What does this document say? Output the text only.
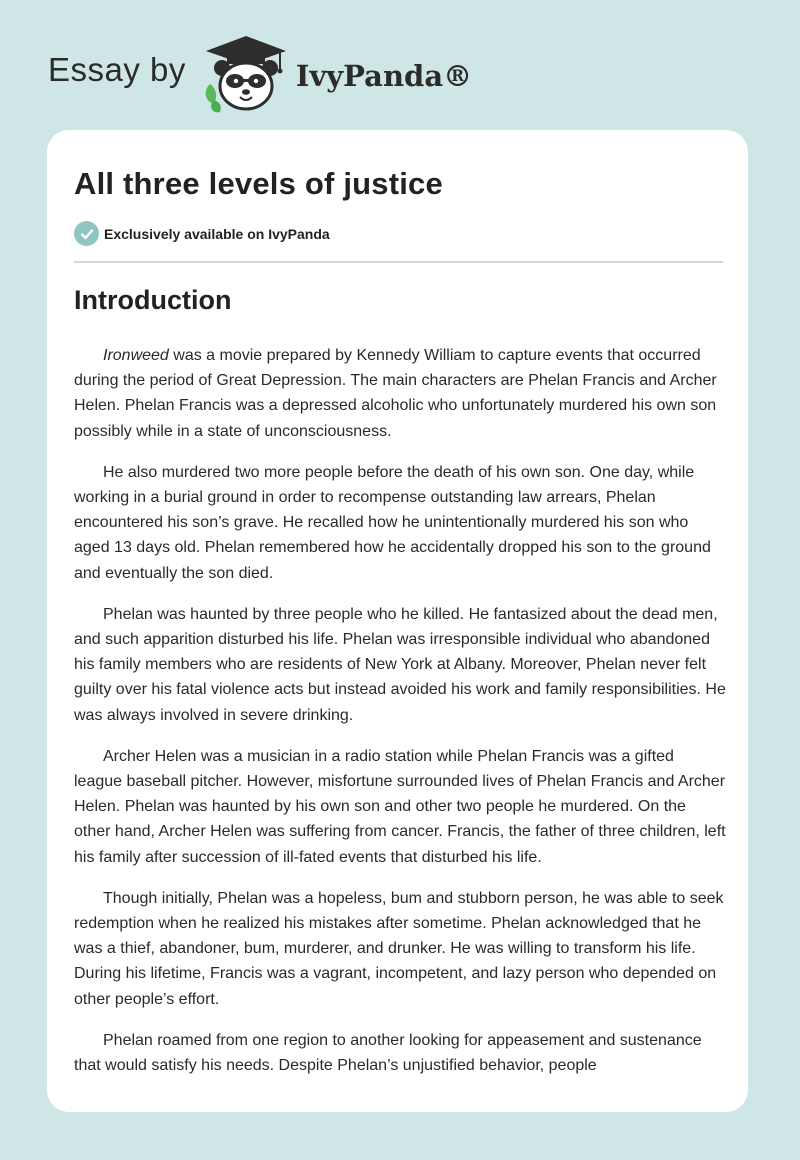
Essay by	IvyPanda®
All three levels of justice
Exclusively available on IvyPanda
Introduction

Ironweed was a movie prepared by Kennedy William to capture events that occurred during the period of Great Depression. The main characters are Phelan Francis and Archer Helen. Phelan Francis was a depressed alcoholic who unfortunately murdered his own son possibly while in a state of unconsciousness.

He also murdered two more people before the death of his own son. One day, while working in a burial ground in order to recompense outstanding law arrears, Phelan encountered his son’s grave. He recalled how he unintentionally murdered his son who aged 13 days old. Phelan remembered how he accidentally dropped his son to the ground and eventually the son died.

Phelan was haunted by three people who he killed. He fantasized about the dead men, and such apparition disturbed his life. Phelan was irresponsible individual who abandoned his family members who are residents of New York at Albany. Moreover, Phelan never felt guilty over his fatal violence acts but instead avoided his work and family responsibilities. He was always involved in severe drinking.

Archer Helen was a musician in a radio station while Phelan Francis was a gifted league baseball pitcher. However, misfortune surrounded lives of Phelan Francis and Archer Helen. Phelan was haunted by his own son and other two people he murdered. On the other hand, Archer Helen was suffering from cancer. Francis, the father of three children, left his family after succession of ill-fated events that disturbed his life.

Though initially, Phelan was a hopeless, bum and stubborn person, he was able to seek redemption when he realized his mistakes after sometime. Phelan acknowledged that he was a thief, abandoner, bum, murderer, and drunker. He was willing to transform his life. During his lifetime, Francis was a vagrant, incompetent, and lazy person who depended on other people’s effort.

Phelan roamed from one region to another looking for appeasement and sustenance that would satisfy his needs. Despite Phelan’s unjustified behavior, people
